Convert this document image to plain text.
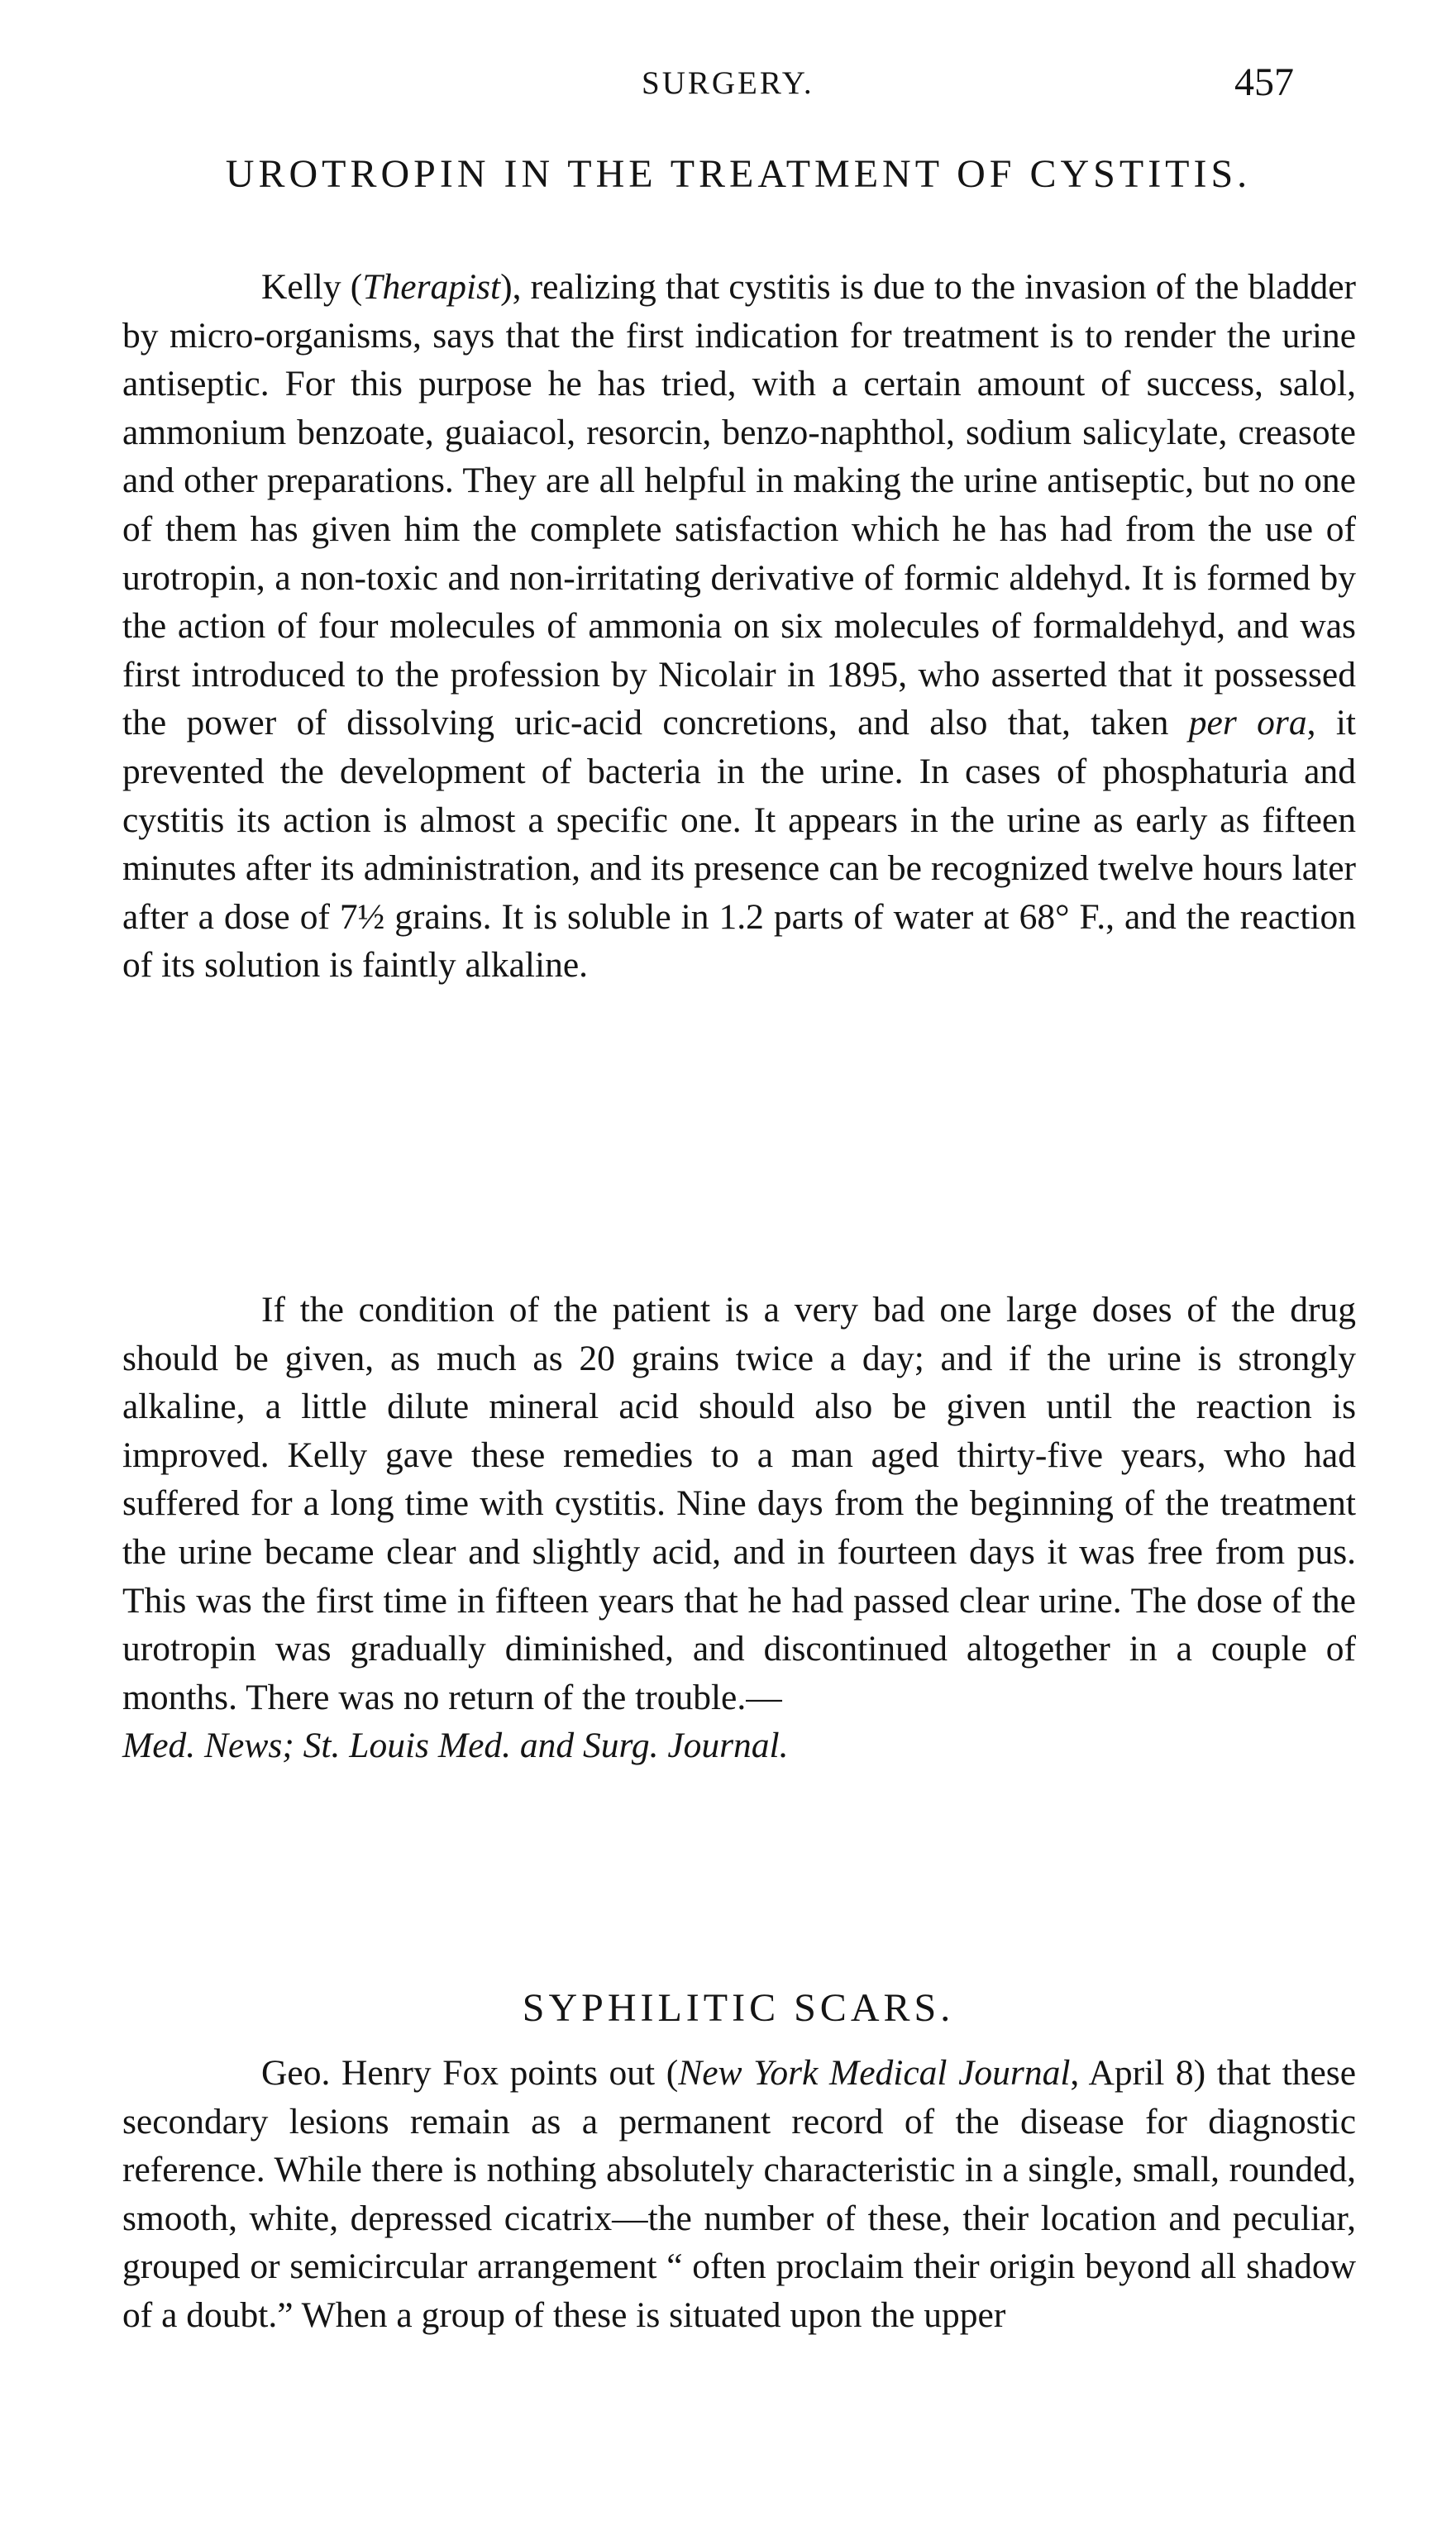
SURGERY.	457
UROTROPIN IN THE TREATMENT OF CYSTITIS.

Kelly (Therapist), realizing that cystitis is due to the invasion of the bladder by micro-organisms, says that the first indication for treatment is to render the urine antiseptic. For this purpose he has tried, with a certain amount of success, salol, ammonium benzoate, guaiacol, resorcin, benzo-naphthol, sodium salicylate, creasote and other preparations. They are all helpful in making the urine antiseptic, but no one of them has given him the complete satisfaction which he has had from the use of urotropin, a non-toxic and non-irritating derivative of formic aldehyd. It is formed by the action of four molecules of ammonia on six molecules of formaldehyd, and was first introduced to the profession by Nicolair in 1895, who asserted that it possessed the power of dissolving uric-acid concretions, and also that, taken per ora, it prevented the development of bacteria in the urine. In cases of phosphaturia and cystitis its action is almost a specific one. It appears in the urine as early as fifteen minutes after its administration, and its presence can be recognized twelve hours later after a dose of 7½ grains. It is soluble in 1.2 parts of water at 68° F., and the reaction of its solution is faintly alkaline.

If the condition of the patient is a very bad one large doses of the drug should be given, as much as 20 grains twice a day; and if the urine is strongly alkaline, a little dilute mineral acid should also be given until the reaction is improved. Kelly gave these remedies to a man aged thirty-five years, who had suffered for a long time with cystitis. Nine days from the beginning of the treatment the urine became clear and slightly acid, and in fourteen days it was free from pus. This was the first time in fifteen years that he had passed clear urine. The dose of the urotropin was gradually diminished, and discontinued altogether in a couple of months. There was no return of the trouble.—
Med. News; St. Louis Med. and Surg. Journal.

SYPHILITIC SCARS.

Geo. Henry Fox points out (New York Medical Journal, April 8) that these secondary lesions remain as a permanent record of the disease for diagnostic reference. While there is nothing absolutely characteristic in a single, small, rounded, smooth, white, depressed cicatrix—the number of these, their location and peculiar, grouped or semicircular arrangement “ often proclaim their origin beyond all shadow of a doubt.” When a group of these is situated upon the upper
